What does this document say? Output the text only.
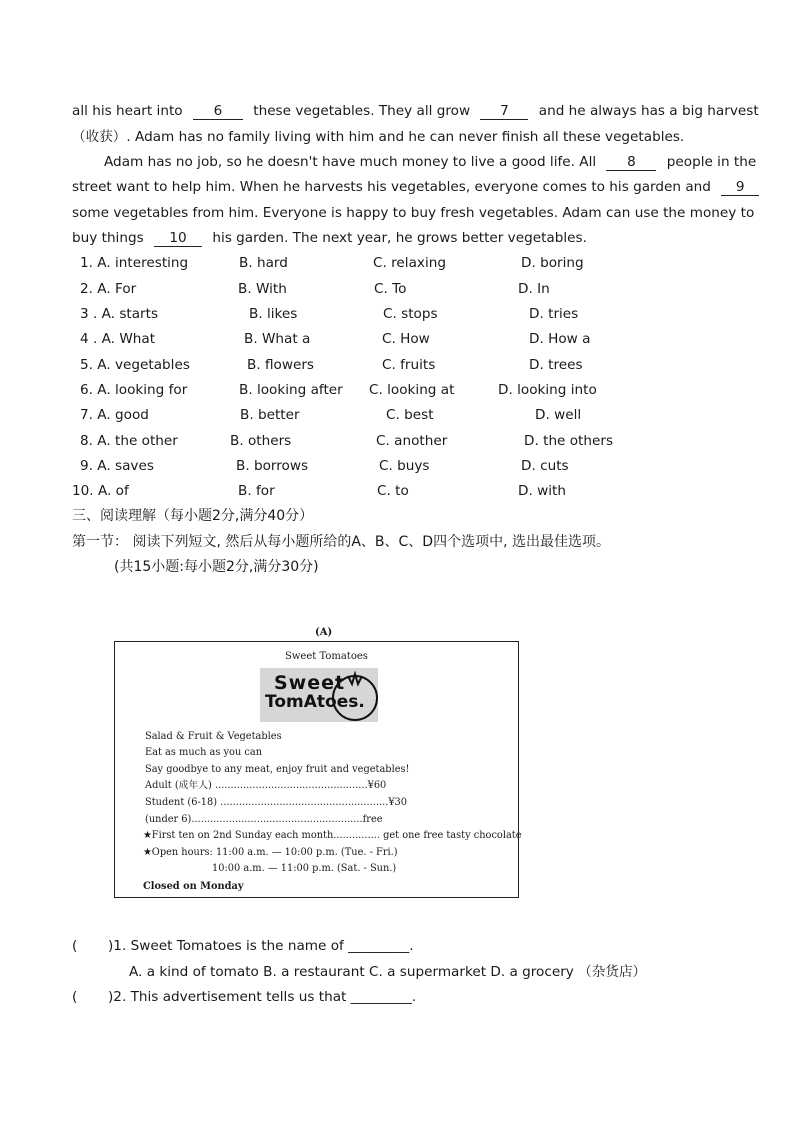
all his heart into 6 these vegetables. They all grow 7 and he always has a big harvest
（收获）. Adam has no family living with him and he can never finish all these vegetables.
Adam has no job, so he doesn't have much money to live a good life. All 8 people in the
street want to help him. When he harvests his vegetables, everyone comes to his garden and 9
some vegetables from him. Everyone is happy to buy fresh vegetables. Adam can use the money to
buy things 10 his garden. The next year, he grows better vegetables.
1. A. interesting	B. hard	C. relaxing	D. boring
2. A. For	B. With	C. To	D. In
3 . A. starts	B. likes	C. stops	D. tries
4 . A. What	B. What a	C. How	D. How a
5. A. vegetables	B. flowers	C. fruits	D. trees
6. A. looking for	B. looking after C. looking at	D. looking into
7. A. good	B. better	C. best	D. well
8. A. the other	B. others	C. another	D. the others
9. A. saves	B. borrows	C. buys	D. cuts
10. A. of	B. for	C. to	D. with
三、阅读理解（每小题2分,满分40分）
第一节： 阅读下列短文, 然后从每小题所给的A、B、C、D四个选项中, 选出最佳选项。
(共15小题:每小题2分,满分30分)
(A)
Sweet Tomatoes
Sweet
TomAtoes.
Salad & Fruit & Vegetables
Eat as much as you can
Say goodbye to any meat, enjoy fruit and vegetables!
Adult (成年人) .................................................¥60
Student (6-18) ......................................................¥30
(under 6).......................................................free
★First ten on 2nd Sunday each month............... get one free tasty chocolate
★Open hours: 11:00 a.m. — 10:00 p.m. (Tue. - Fri.)
10:00 a.m. — 11:00 p.m. (Sat. - Sun.)
Closed on Monday
( )1. Sweet Tomatoes is the name of _________.
A. a kind of tomato B. a restaurant C. a supermarket D. a grocery （杂货店）
( )2. This advertisement tells us that _________.
